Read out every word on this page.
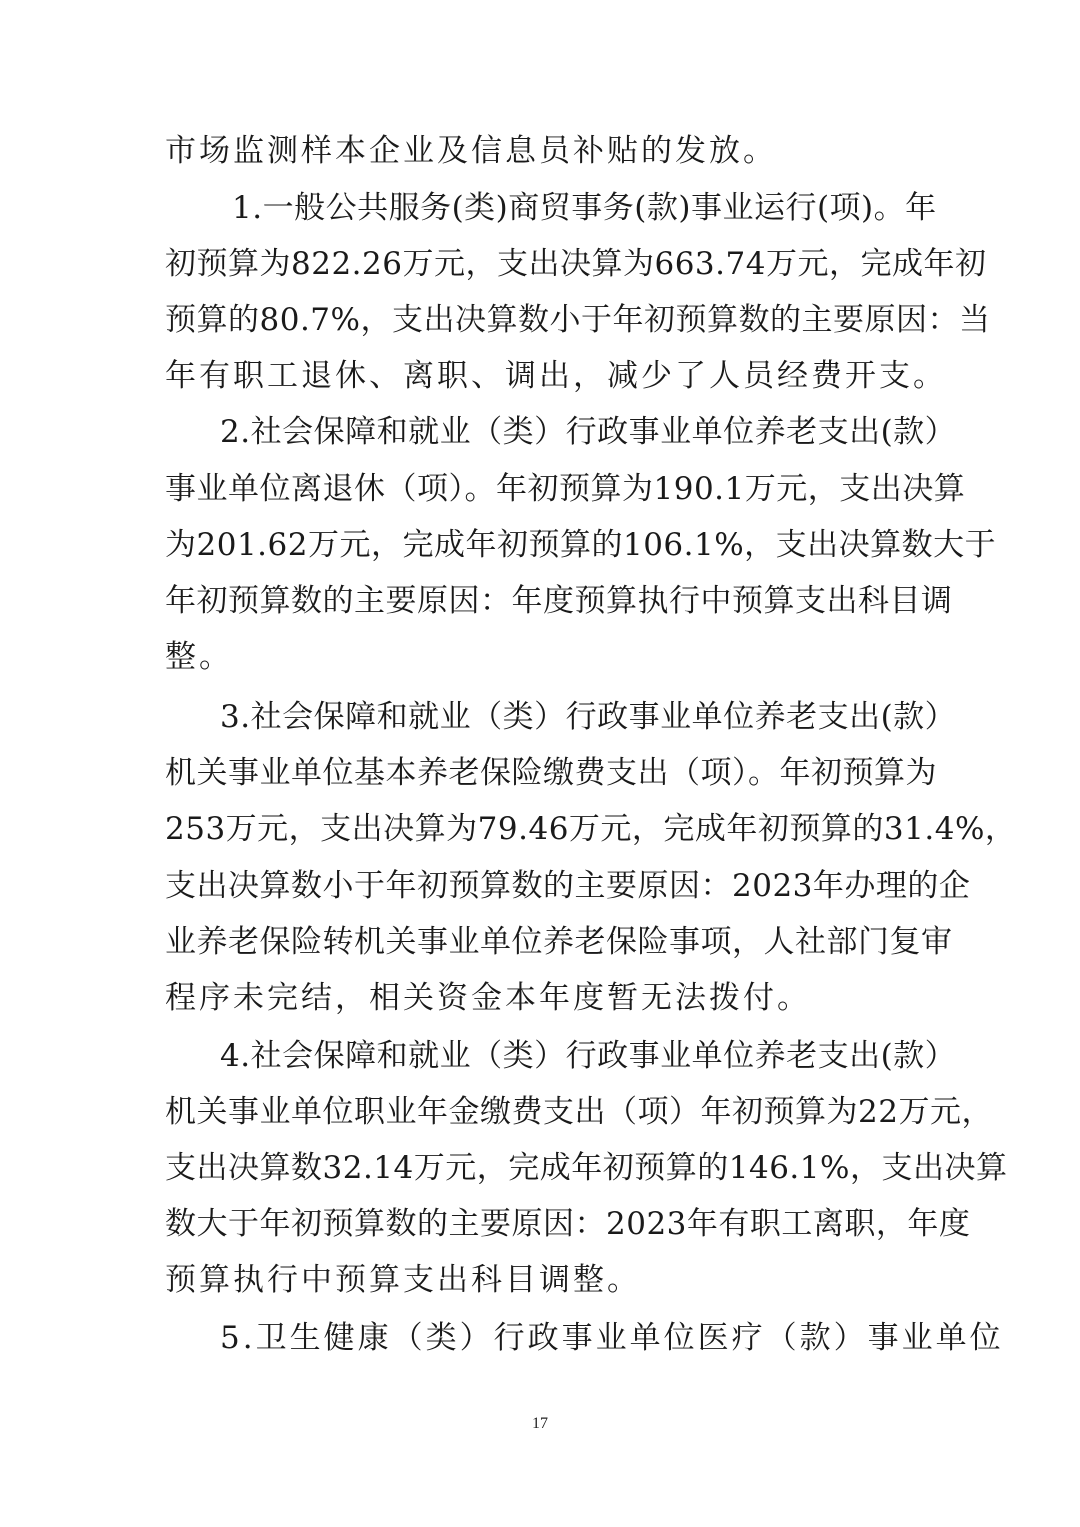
市场监测样本企业及信息员补贴的发放。

1.一般公共服务(类)商贸事务(款)事业运行(项)。年

初预算为822.26万元，支出决算为663.74万元，完成年初

预算的80.7%，支出决算数小于年初预算数的主要原因：当

年有职工退休、离职、调出，减少了人员经费开支。

2.社会保障和就业（类）行政事业单位养老支出(款）

事业单位离退休（项）。年初预算为190.1万元，支出决算

为201.62万元，完成年初预算的106.1%，支出决算数大于

年初预算数的主要原因：年度预算执行中预算支出科目调

整。

3.社会保障和就业（类）行政事业单位养老支出(款）

机关事业单位基本养老保险缴费支出（项）。年初预算为

253万元，支出决算为79.46万元，完成年初预算的31.4%，

支出决算数小于年初预算数的主要原因：2023年办理的企

业养老保险转机关事业单位养老保险事项，人社部门复审

程序未完结，相关资金本年度暂无法拨付。

4.社会保障和就业（类）行政事业单位养老支出(款）

机关事业单位职业年金缴费支出（项）年初预算为22万元，

支出决算数32.14万元，完成年初预算的146.1%，支出决算

数大于年初预算数的主要原因：2023年有职工离职，年度

预算执行中预算支出科目调整。

5.卫生健康（类）行政事业单位医疗（款）事业单位

17
